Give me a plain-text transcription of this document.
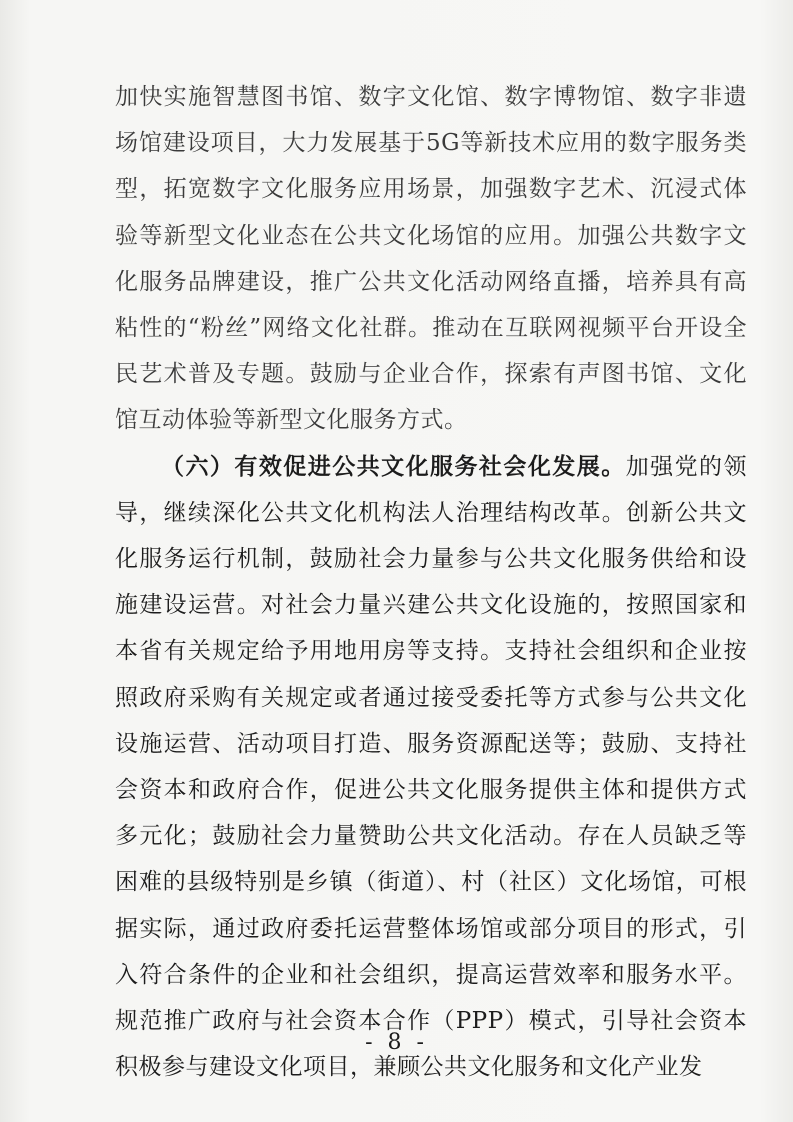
加快实施智慧图书馆、数字文化馆、数字博物馆、数字非遗场馆建设项目，大力发展基于5G等新技术应用的数字服务类型，拓宽数字文化服务应用场景，加强数字艺术、沉浸式体验等新型文化业态在公共文化场馆的应用。加强公共数字文化服务品牌建设，推广公共文化活动网络直播，培养具有高粘性的“粉丝”网络文化社群。推动在互联网视频平台开设全民艺术普及专题。鼓励与企业合作，探索有声图书馆、文化馆互动体验等新型文化服务方式。

（六）有效促进公共文化服务社会化发展。加强党的领导，继续深化公共文化机构法人治理结构改革。创新公共文化服务运行机制，鼓励社会力量参与公共文化服务供给和设施建设运营。对社会力量兴建公共文化设施的，按照国家和本省有关规定给予用地用房等支持。支持社会组织和企业按照政府采购有关规定或者通过接受委托等方式参与公共文化设施运营、活动项目打造、服务资源配送等；鼓励、支持社会资本和政府合作，促进公共文化服务提供主体和提供方式多元化；鼓励社会力量赞助公共文化活动。存在人员缺乏等困难的县级特别是乡镇（街道）、村（社区）文化场馆，可根据实际，通过政府委托运营整体场馆或部分项目的形式，引入符合条件的企业和社会组织，提高运营效率和服务水平。规范推广政府与社会资本合作（PPP）模式，引导社会资本积极参与建设文化项目，兼顾公共文化服务和文化产业发

- 8 -
